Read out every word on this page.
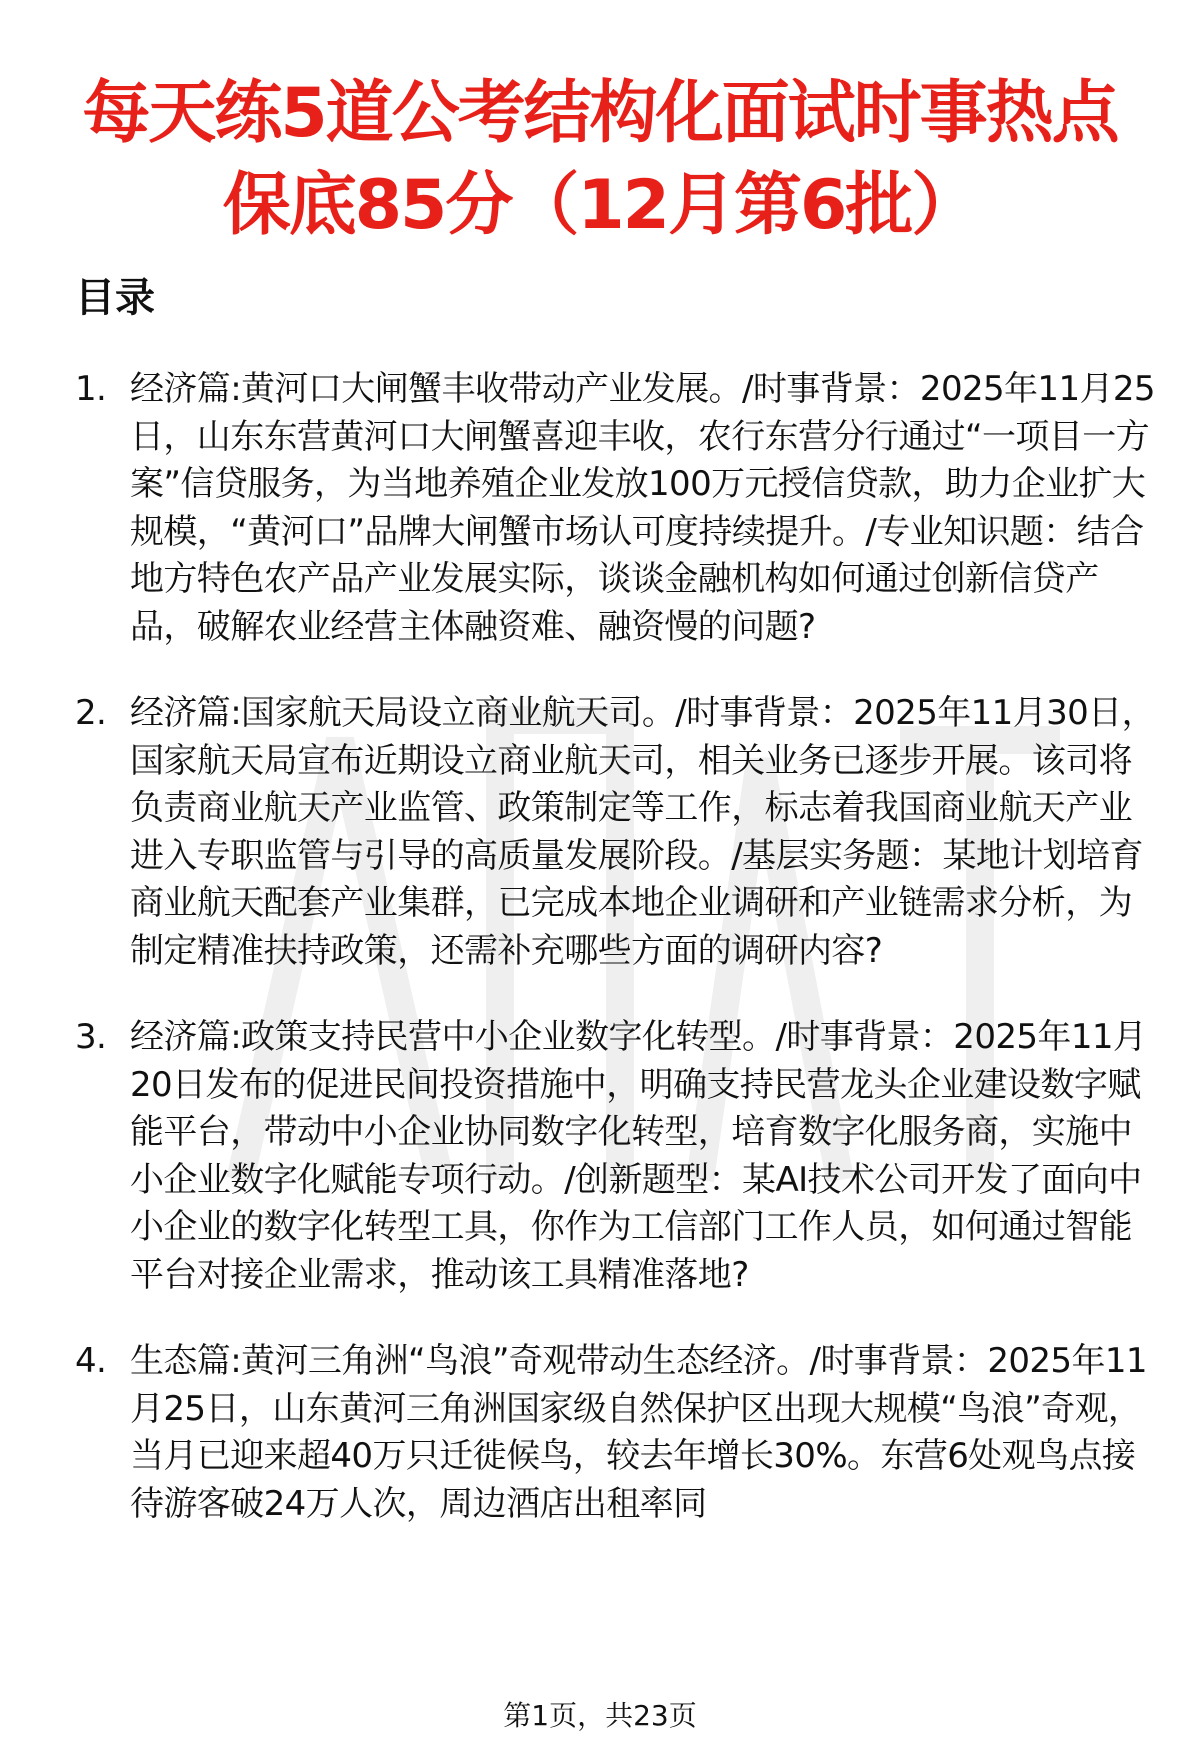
每天练5道公考结构化面试时事热点
保底85分（12月第6批）
目录
1. 经济篇:黄河口大闸蟹丰收带动产业发展。/时事背景：2025年11月25日，山东东营黄河口大闸蟹喜迎丰收，农行东营分行通过“一项目一方案”信贷服务，为当地养殖企业发放100万元授信贷款，助力企业扩大规模，“黄河口”品牌大闸蟹市场认可度持续提升。/专业知识题：结合地方特色农产品产业发展实际，谈谈金融机构如何通过创新信贷产品，破解农业经营主体融资难、融资慢的问题?
2. 经济篇:国家航天局设立商业航天司。/时事背景：2025年11月30日，国家航天局宣布近期设立商业航天司，相关业务已逐步开展。该司将负责商业航天产业监管、政策制定等工作，标志着我国商业航天产业进入专职监管与引导的高质量发展阶段。/基层实务题：某地计划培育商业航天配套产业集群，已完成本地企业调研和产业链需求分析，为制定精准扶持政策，还需补充哪些方面的调研内容?
3. 经济篇:政策支持民营中小企业数字化转型。/时事背景：2025年11月20日发布的促进民间投资措施中，明确支持民营龙头企业建设数字赋能平台，带动中小企业协同数字化转型，培育数字化服务商，实施中小企业数字化赋能专项行动。/创新题型：某AI技术公司开发了面向中小企业的数字化转型工具，你作为工信部门工作人员，如何通过智能平台对接企业需求，推动该工具精准落地?
4. 生态篇:黄河三角洲“鸟浪”奇观带动生态经济。/时事背景：2025年11月25日，山东黄河三角洲国家级自然保护区出现大规模“鸟浪”奇观，当月已迎来超40万只迁徙候鸟，较去年增长30%。东营6处观鸟点接待游客破24万人次，周边酒店出租率同
第1页，共23页
